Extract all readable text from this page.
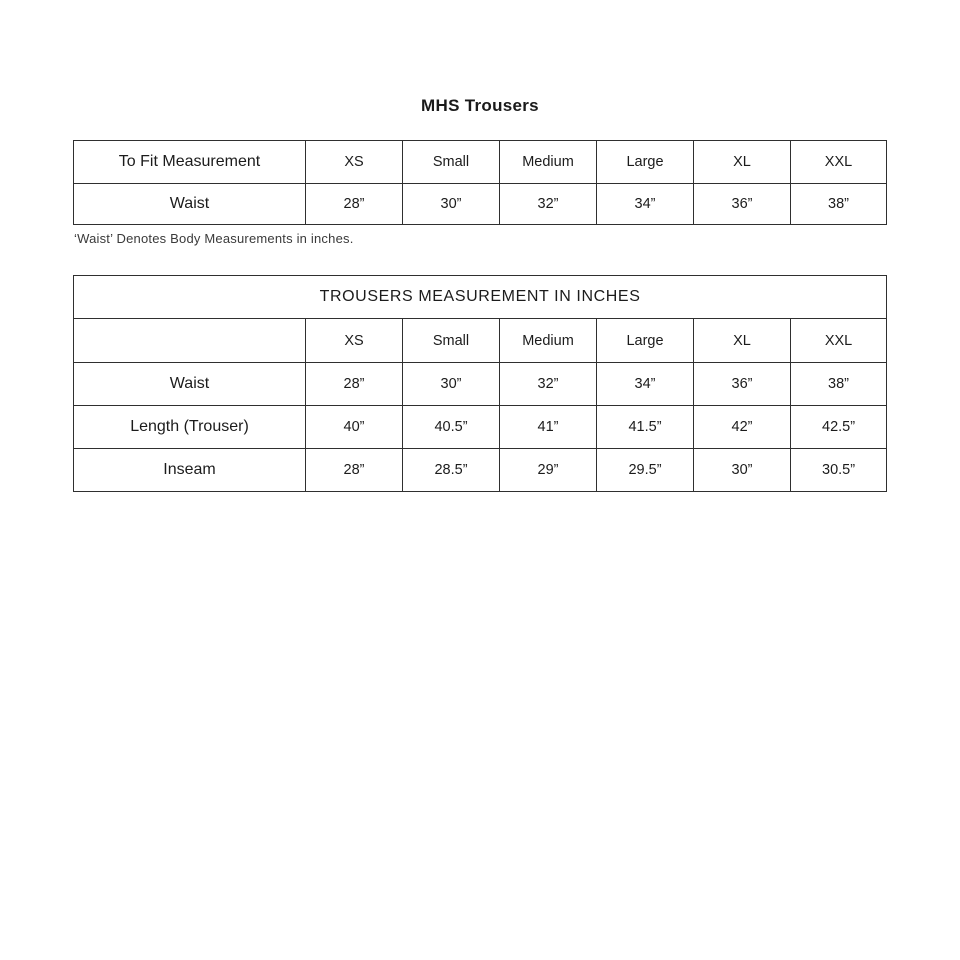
MHS Trousers
To Fit Measurement	XS	Small	Medium	Large	XL	XXL
Waist	28”	30”	32”	34”	36”	38”
‘Waist’ Denotes Body Measurements in inches.
TROUSERS MEASUREMENT IN INCHES						
	XS	Small	Medium	Large	XL	XXL
Waist	28”	30”	32”	34”	36”	38”
Length (Trouser)	40”	40.5”	41”	41.5”	42”	42.5”
Inseam	28”	28.5”	29”	29.5”	30”	30.5”
